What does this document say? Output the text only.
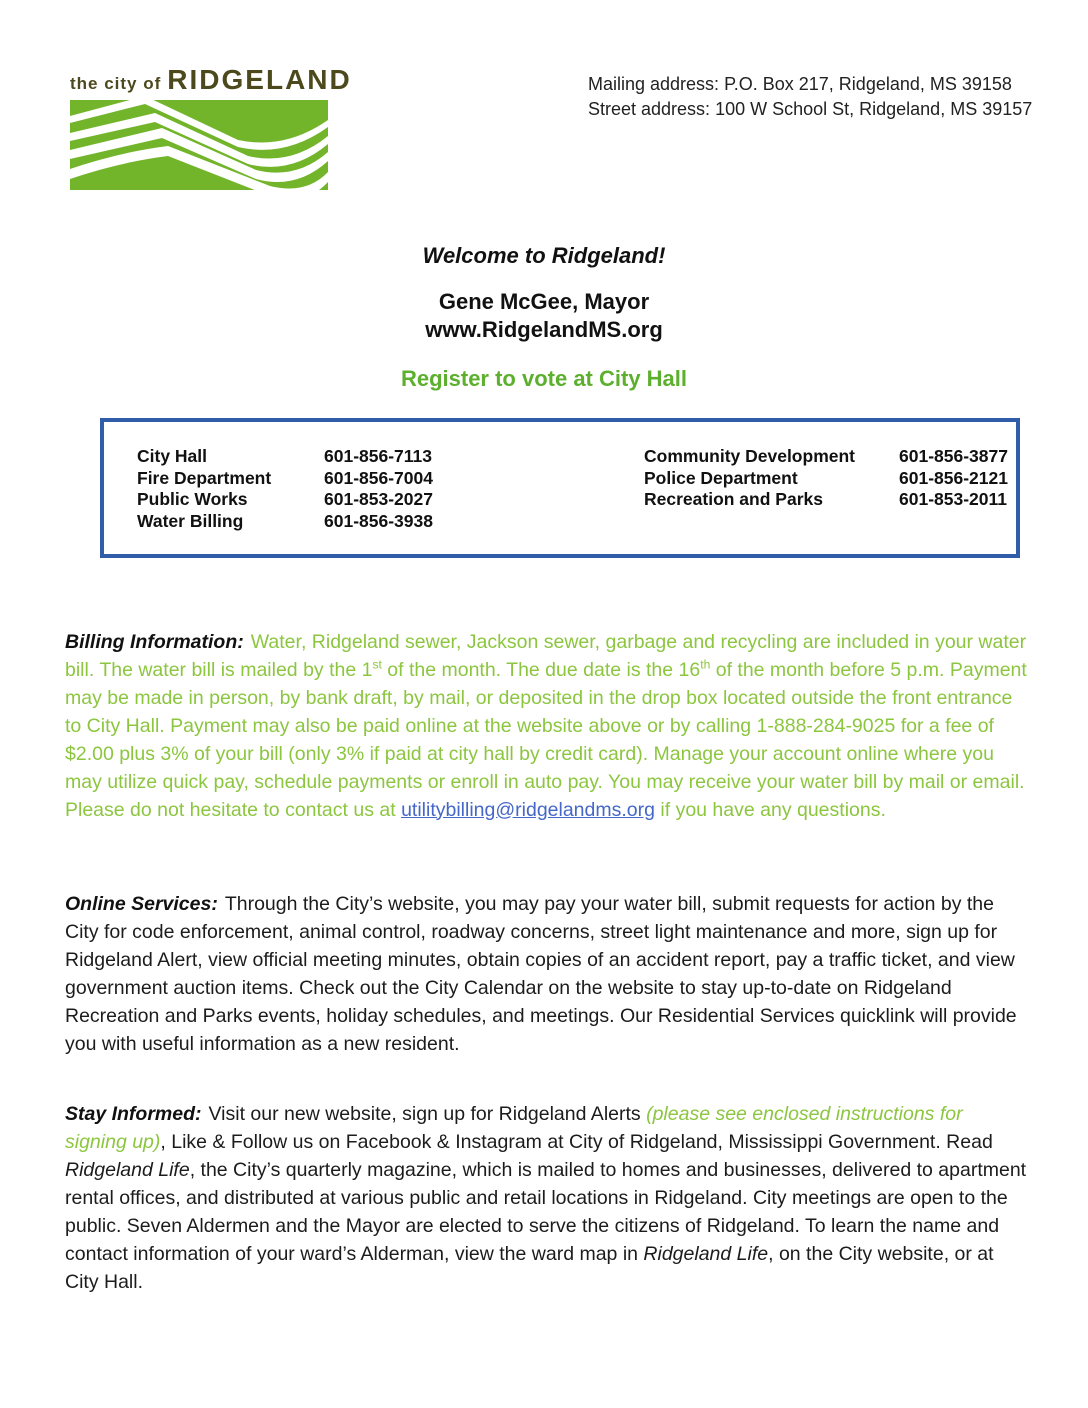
the city of RIDGELAND	Mailing address: P.O. Box 217, Ridgeland, MS 39158
Street address: 100 W School St, Ridgeland, MS 39157
Welcome to Ridgeland!
Gene McGee, Mayor
www.RidgelandMS.org
Register to vote at City Hall
City Hall	601-856-7113
Fire Department	601-856-7004
Public Works	601-853-2027
Water Billing	601-856-3938
Community Development	601-856-3877
Police Department	601-856-2121
Recreation and Parks	601-853-2011

Billing Information: Water, Ridgeland sewer, Jackson sewer, garbage and recycling are included in your water bill. The water bill is mailed by the 1st of the month. The due date is the 16th of the month before 5 p.m. Payment may be made in person, by bank draft, by mail, or deposited in the drop box located outside the front entrance to City Hall. Payment may also be paid online at the website above or by calling 1-888-284-9025 for a fee of $2.00 plus 3% of your bill (only 3% if paid at city hall by credit card). Manage your account online where you may utilize quick pay, schedule payments or enroll in auto pay. You may receive your water bill by mail or email. Please do not hesitate to contact us at utilitybilling@ridgelandms.org if you have any questions.

Online Services: Through the City’s website, you may pay your water bill, submit requests for action by the City for code enforcement, animal control, roadway concerns, street light maintenance and more, sign up for Ridgeland Alert, view official meeting minutes, obtain copies of an accident report, pay a traffic ticket, and view government auction items. Check out the City Calendar on the website to stay up-to-date on Ridgeland Recreation and Parks events, holiday schedules, and meetings. Our Residential Services quicklink will provide you with useful information as a new resident.

Stay Informed: Visit our new website, sign up for Ridgeland Alerts (please see enclosed instructions for signing up), Like & Follow us on Facebook & Instagram at City of Ridgeland, Mississippi Government. Read Ridgeland Life, the City’s quarterly magazine, which is mailed to homes and businesses, delivered to apartment rental offices, and distributed at various public and retail locations in Ridgeland. City meetings are open to the public. Seven Aldermen and the Mayor are elected to serve the citizens of Ridgeland. To learn the name and contact information of your ward’s Alderman, view the ward map in Ridgeland Life, on the City website, or at City Hall.
